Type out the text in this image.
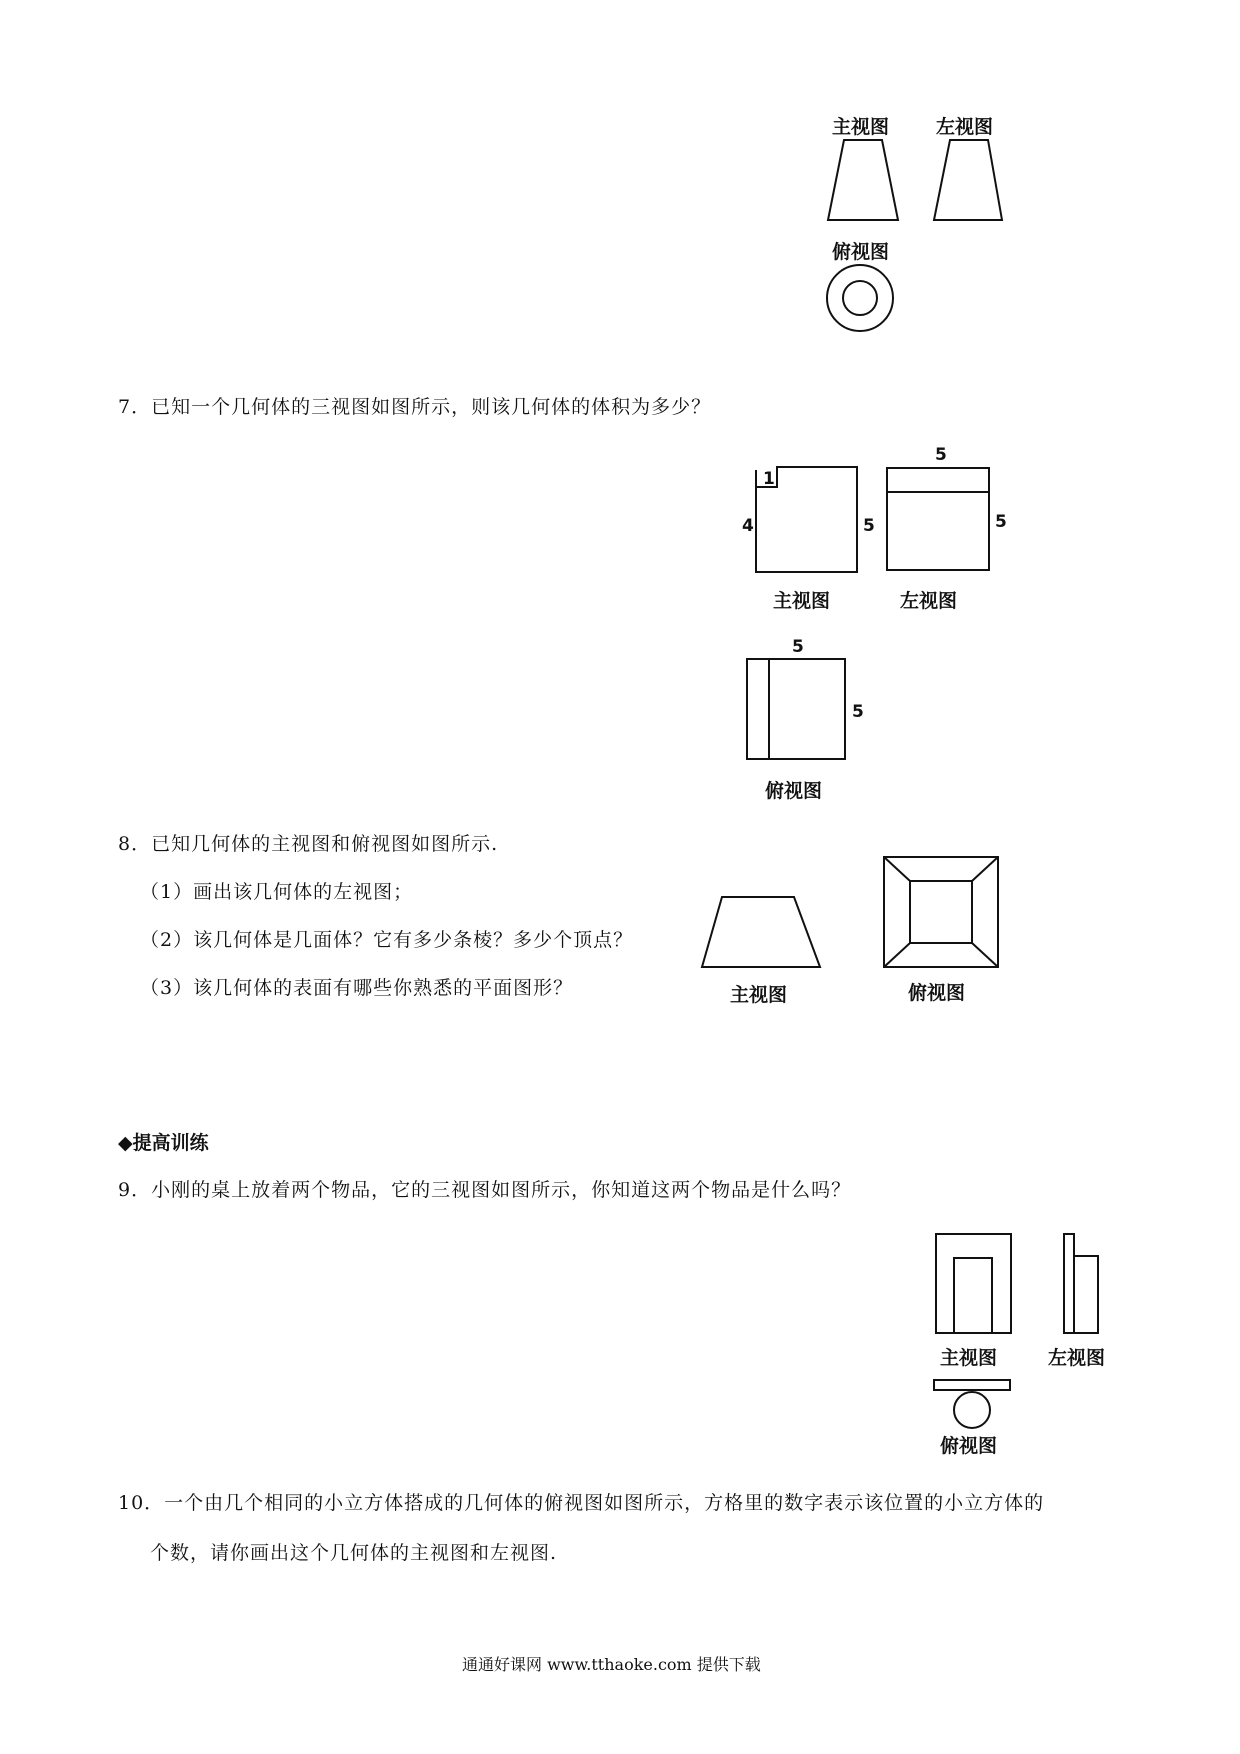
主视图 左视图
俯视图
7．已知一个几何体的三视图如图所示，则该几何体的体积为多少？
1
4	5
主视图
5
5
左视图
5
5
俯视图
8．已知几何体的主视图和俯视图如图所示.
（1）画出该几何体的左视图；
（2）该几何体是几面体？它有多少条棱？多少个顶点？
（3）该几何体的表面有哪些你熟悉的平面图形？	主视图	俯视图
◆提高训练
9．小刚的桌上放着两个物品，它的三视图如图所示，你知道这两个物品是什么吗？
主视图	左视图
俯视图
10．一个由几个相同的小立方体搭成的几何体的俯视图如图所示，方格里的数字表示该位置的小立方体的
个数，请你画出这个几何体的主视图和左视图.
通通好课网 www.tthaoke.com 提供下载
